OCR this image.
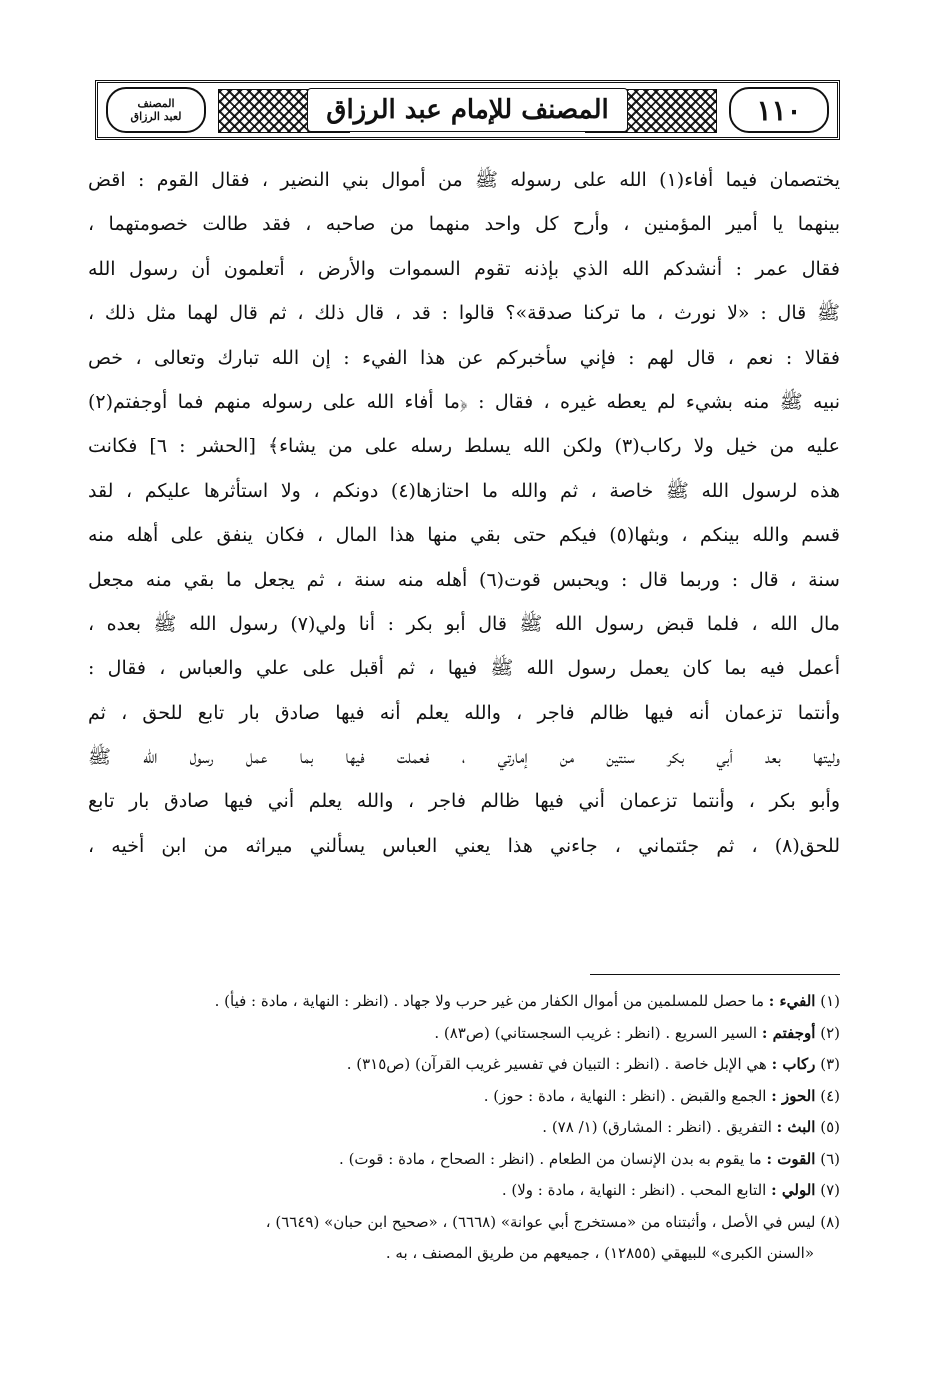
١١٠
المصنف للإمام عبد الرزاق
المصنف
لعبد الرزاق

يختصمان فيما أفاء(١) الله على رسوله ﷺ من أموال بني النضير ، فقال القوم : اقض

بينهما يا أمير المؤمنين ، وأرح كل واحد منهما من صاحبه ، فقد طالت خصومتهما ،

فقال عمر : أنشدكم الله الذي بإذنه تقوم السموات والأرض ، أتعلمون أن رسول الله

ﷺ قال : «لا نورث ، ما تركنا صدقة»؟ قالوا : قد ، قال ذلك ، ثم قال لهما مثل ذلك ،

فقالا : نعم ، قال لهم : فإني سأخبركم عن هذا الفيء : إن الله تبارك وتعالى ، خص

نبيه ﷺ منه بشيء لم يعطه غيره ، فقال : ﴿ما أفاء الله على رسوله منهم فما أوجفتم(٢)

عليه من خيل ولا ركاب(٣) ولكن الله يسلط رسله على من يشاء﴾ [الحشر : ٦] فكانت

هذه لرسول الله ﷺ خاصة ، ثم والله ما احتازها(٤) دونكم ، ولا استأثرها عليكم ، لقد

قسم والله بينكم ، وبثها(٥) فيكم حتى بقي منها هذا المال ، فكان ينفق على أهله منه

سنة ، قال : وربما قال : ويحبس قوت(٦) أهله منه سنة ، ثم يجعل ما بقي منه مجعل

مال الله ، فلما قبض رسول الله ﷺ قال أبو بكر : أنا ولي(٧) رسول الله ﷺ بعده ،

أعمل فيه بما كان يعمل رسول الله ﷺ فيها ، ثم أقبل على علي والعباس ، فقال :

وأنتما تزعمان أنه فيها ظالم فاجر ، والله يعلم أنه فيها صادق بار تابع للحق ، ثم

وليتها بعد أبي بكر سنتين من إمارتي ، فعملت فيها بما عمل رسول الله ﷺ

وأبو بكر ، وأنتما تزعمان أني فيها ظالم فاجر ، والله يعلم أني فيها صادق بار تابع

للحق(٨) ، ثم جئتماني ، جاءني هذا يعني العباس يسألني ميراثه من ابن أخيه ،

(١) الفيء : ما حصل للمسلمين من أموال الكفار من غير حرب ولا جهاد . (انظر : النهاية ، مادة : فيأ) .
(٢) أوجفتم : السير السريع . (انظر : غريب السجستاني) (ص٨٣) .
(٣) ركاب : هي الإبل خاصة . (انظر : التبيان في تفسير غريب القرآن) (ص٣١٥) .
(٤) الحوز : الجمع والقبض . (انظر : النهاية ، مادة : حوز) .
(٥) البث : التفريق . (انظر : المشارق) (١/ ٧٨) .
(٦) القوت : ما يقوم به بدن الإنسان من الطعام . (انظر : الصحاح ، مادة : قوت) .
(٧) الولي : التابع المحب . (انظر : النهاية ، مادة : ولا) .
(٨) ليس في الأصل ، وأثبتناه من «مستخرج أبي عوانة» (٦٦٦٨) ، «صحيح ابن حبان» (٦٦٤٩) ،
«السنن الكبرى» للبيهقي (١٢٨٥٥) ، جميعهم من طريق المصنف ، به .
